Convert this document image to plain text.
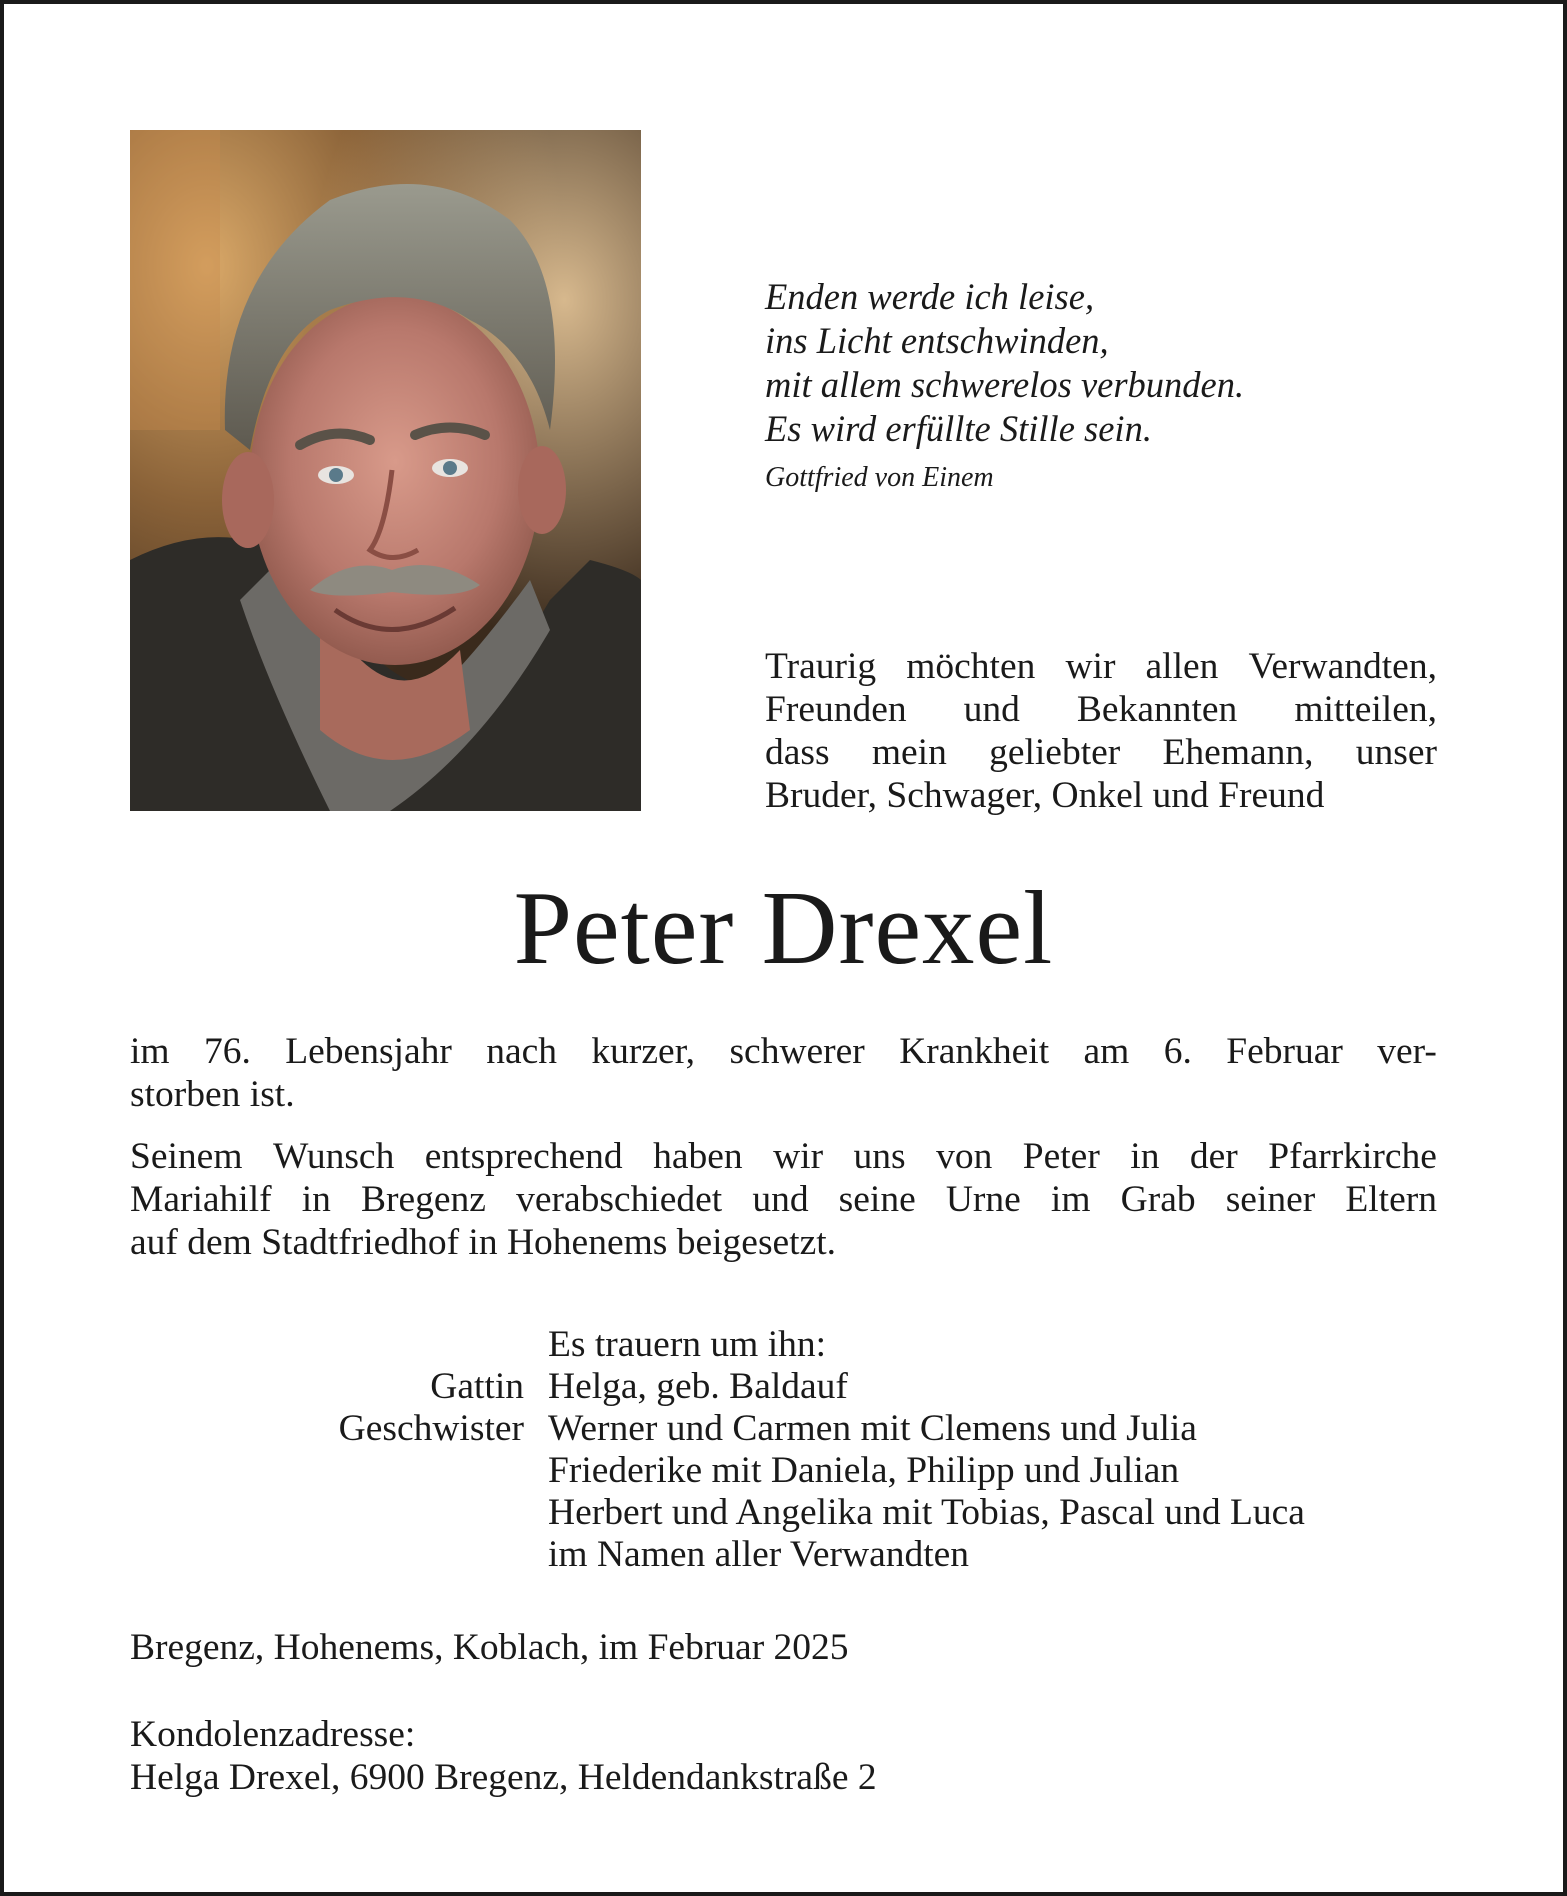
Enden werde ich leise,
ins Licht entschwinden,
mit allem schwerelos verbunden.
Es wird erfüllte Stille sein.
Gottfried von Einem
Traurig möchten wir allen Verwandten,
Freunden und Bekannten mitteilen,
dass mein geliebter Ehemann, unser
Bruder, Schwager, Onkel und Freund
Peter Drexel
im 76. Lebensjahr nach kurzer, schwerer Krankheit am 6. Februar ver-
storben ist.
Seinem Wunsch entsprechend haben wir uns von Peter in der Pfarrkirche
Mariahilf in Bregenz verabschiedet und seine Urne im Grab seiner Eltern
auf dem Stadtfriedhof in Hohenems beigesetzt.
Es trauern um ihn:
Gattin Helga, geb. Baldauf
Geschwister Werner und Carmen mit Clemens und Julia
Friederike mit Daniela, Philipp und Julian
Herbert und Angelika mit Tobias, Pascal und Luca
im Namen aller Verwandten
Bregenz, Hohenems, Koblach, im Februar 2025
Kondolenzadresse:
Helga Drexel, 6900 Bregenz, Heldendankstraße 2
